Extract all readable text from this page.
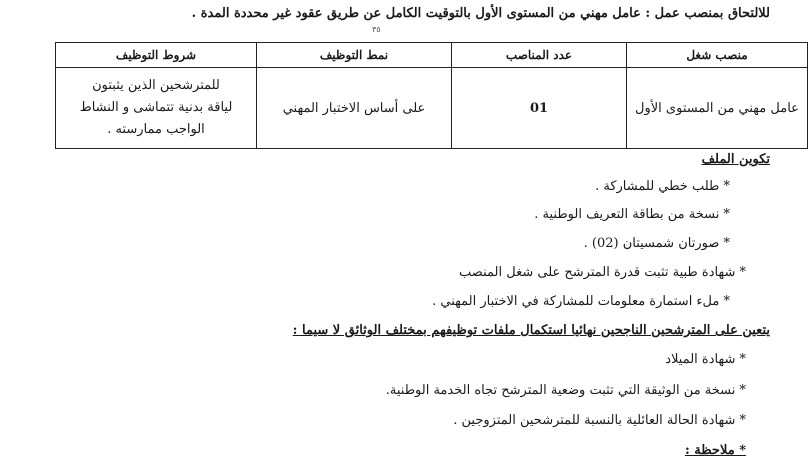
للالتحاق بمنصب عمل : عامل مهني من المستوى الأول بالتوقيت الكامل عن طريق عقود غير محددة المدة .
٣٥
منصب شغل	عدد المناصب	نمط التوظيف	شروط التوظيف
عامل مهني من المستوى الأول	01	على أساس الاختبار المهني	للمترشحين الذين يثبتون
لياقة بدنية تتماشى و النشاط
الواجب ممارسته .
تكوين الملف
* طلب خطي للمشاركة .
* نسخة من بطاقة التعريف الوطنية .
* صورتان شمسيتان (02) .
* شهادة طبية تثبت قدرة المترشح على شغل المنصب
* ملء استمارة معلومات للمشاركة في الاختبار المهني .
يتعين على المترشحين الناجحين نهائيا استكمال ملفات توظيفهم بمختلف الوثائق لا سيما :
* شهادة الميلاد
* نسخة من الوثيقة التي تثبت وضعية المترشح تجاه الخدمة الوطنية.
* شهادة الحالة العائلية بالنسبة للمترشحين المتزوجين .
* ملاحظة :
